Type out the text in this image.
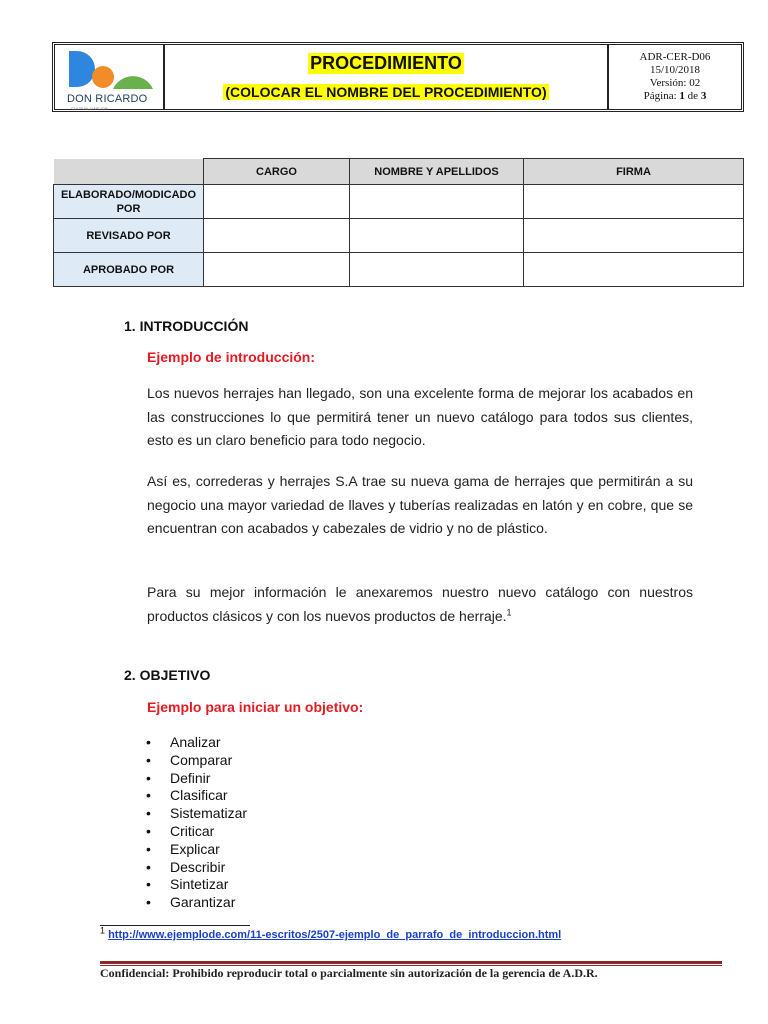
DON RICARDO
CULTIVALO MEJOR
PROCEDIMIENTO
(COLOCAR EL NOMBRE DEL PROCEDIMIENTO)
ADR-CER-D06
15/10/2018
Versión: 02
Página: 1 de 3
	CARGO	NOMBRE Y APELLIDOS	FIRMA
ELABORADO/MODICADO POR			
REVISADO POR			
APROBADO POR			
1. INTRODUCCIÓN
Ejemplo de introducción:
Los nuevos herrajes han llegado, son una excelente forma de mejorar los acabados en las construcciones lo que permitirá tener un nuevo catálogo para todos sus clientes, esto es un claro beneficio para todo negocio.
Así es, correderas y herrajes S.A trae su nueva gama de herrajes que permitirán a su negocio una mayor variedad de llaves y tuberías realizadas en latón y en cobre, que se encuentran con acabados y cabezales de vidrio y no de plástico.
Para su mejor información le anexaremos nuestro nuevo catálogo con nuestros productos clásicos y con los nuevos productos de herraje.$^1$
2. OBJETIVO
Ejemplo para iniciar un objetivo:
• Analizar
• Comparar
• Definir
• Clasificar
• Sistematizar
• Criticar
• Explicar
• Describir
• Sintetizar
• Garantizar
$^1$ http://www.ejemplode.com/11-escritos/2507-ejemplo_de_parrafo_de_introduccion.html
Confidencial: Prohibido reproducir total o parcialmente sin autorización de la gerencia de A.D.R.
